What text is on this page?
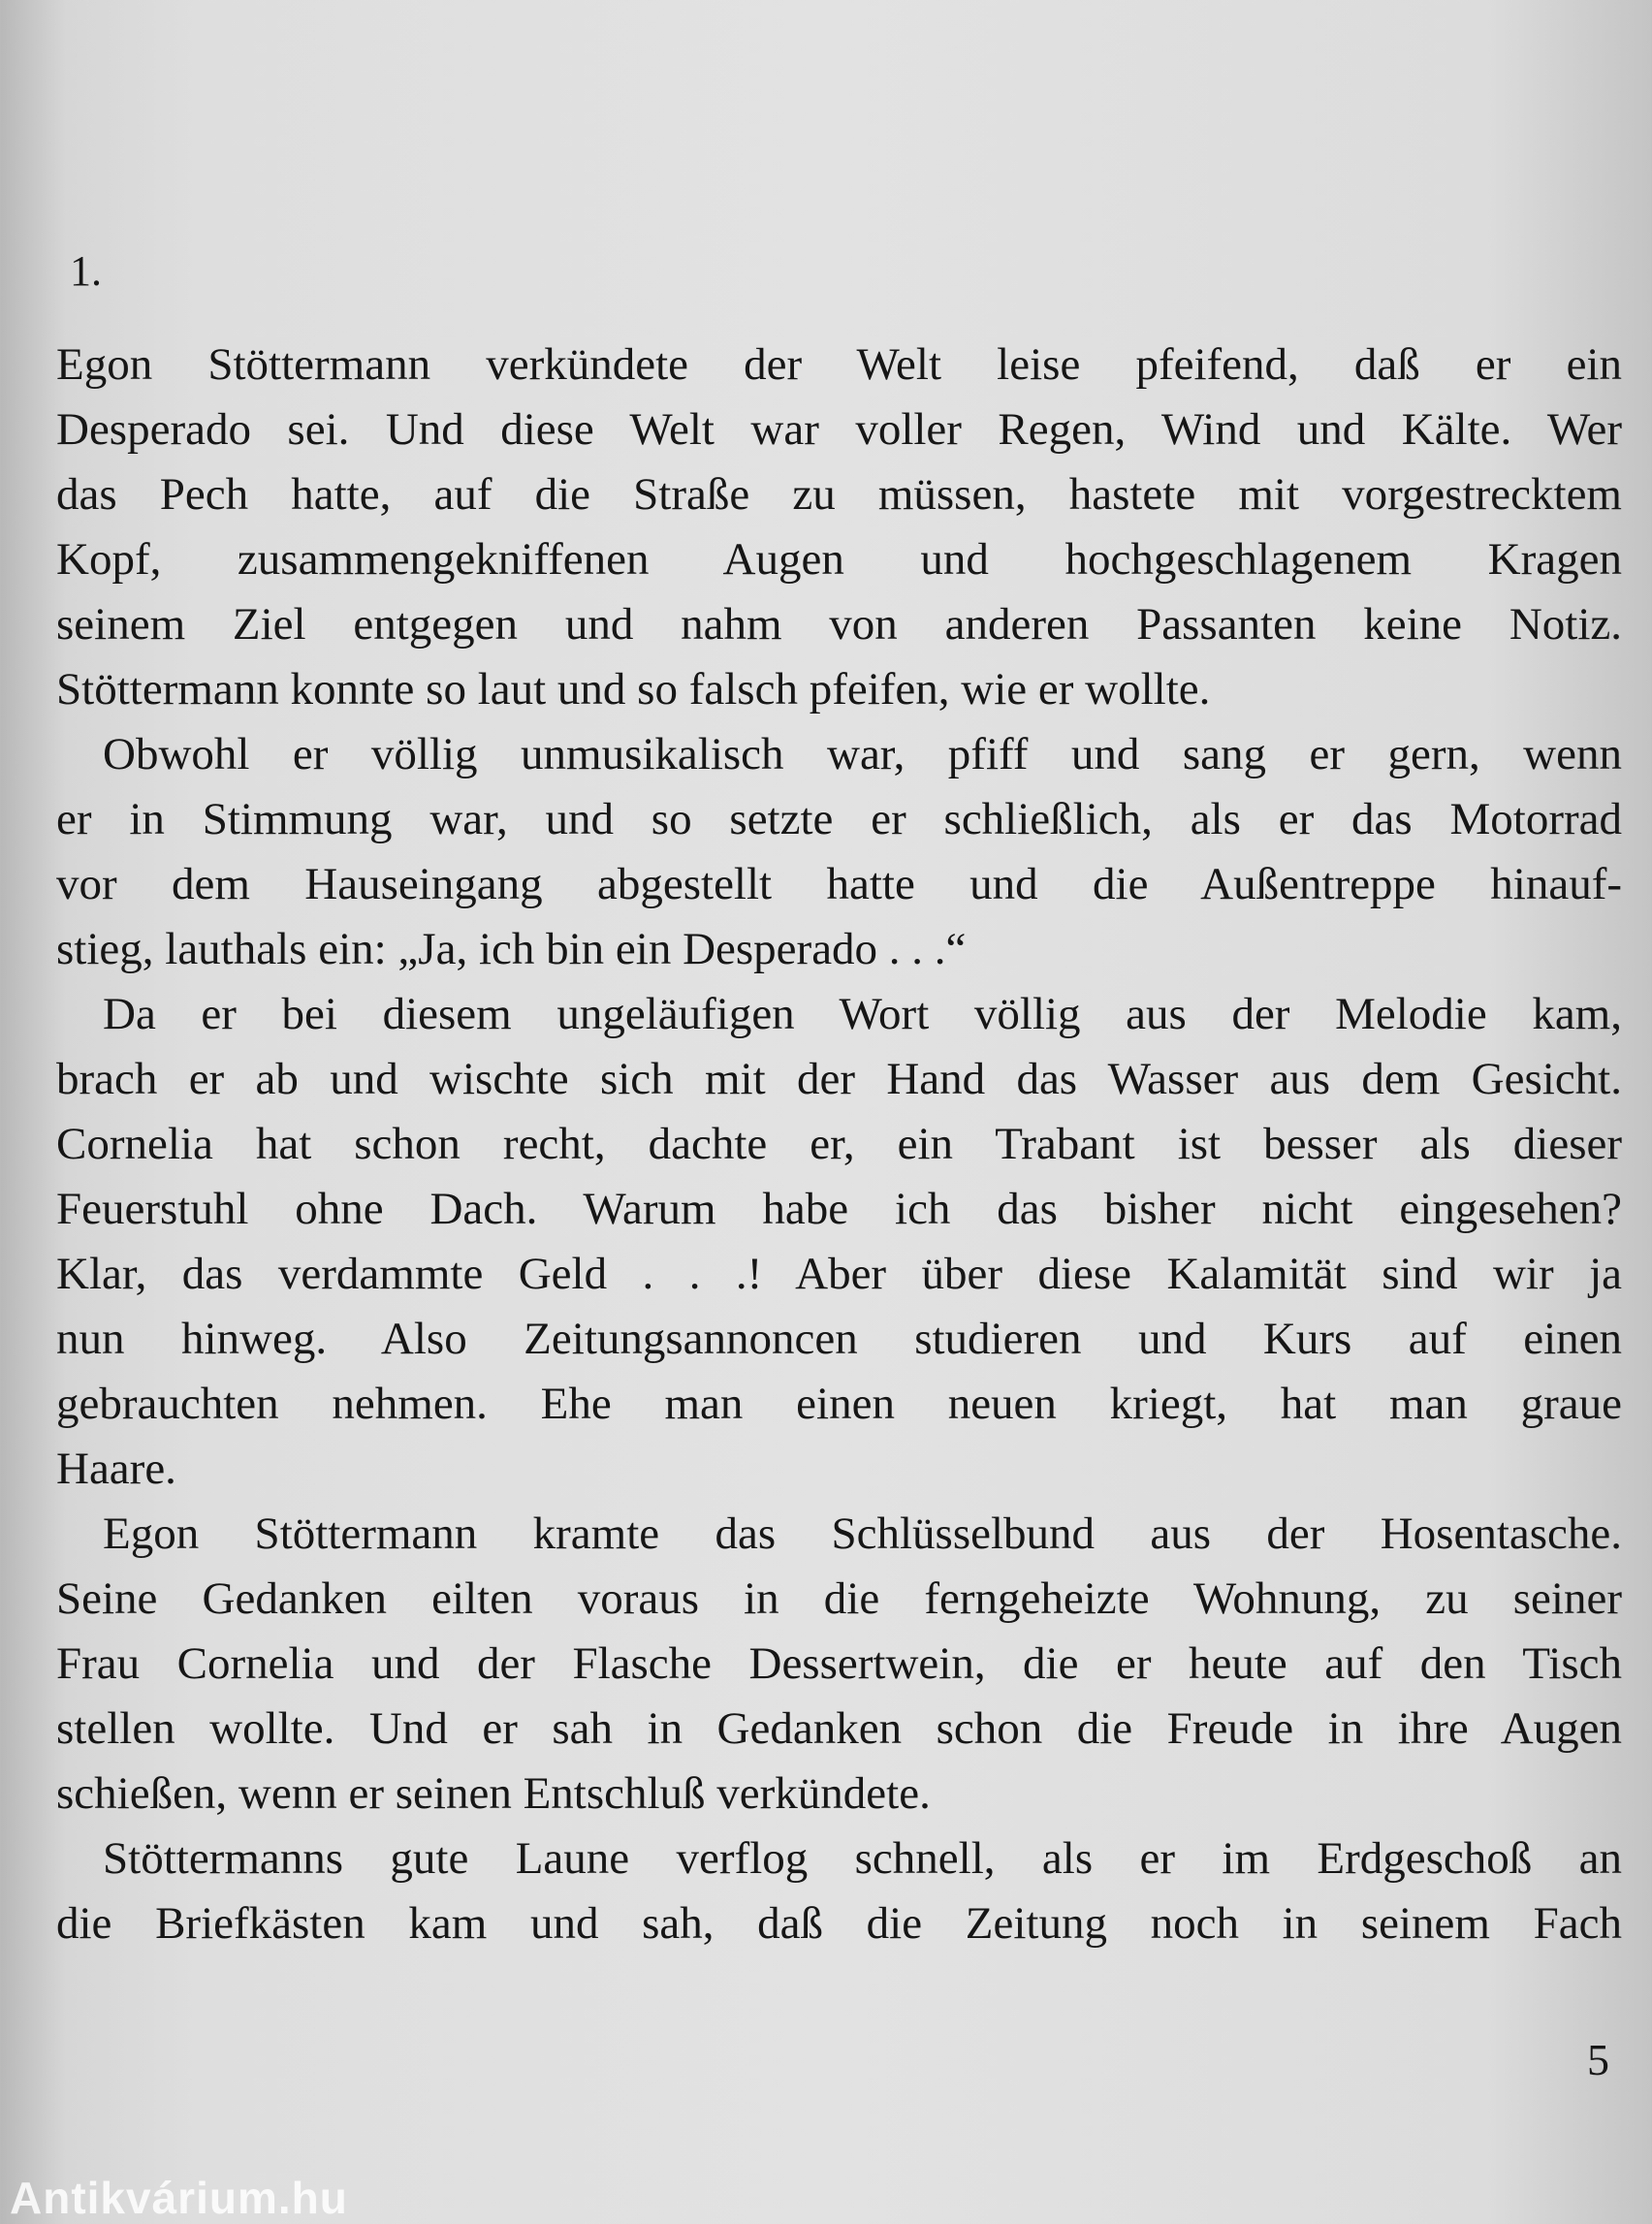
1.

Egon Stöttermann verkündete der Welt leise pfeifend, daß er ein
Desperado sei. Und diese Welt war voller Regen, Wind und Kälte. Wer
das Pech hatte, auf die Straße zu müssen, hastete mit vorgestrecktem
Kopf, zusammengekniffenen Augen und hochgeschlagenem Kragen
seinem Ziel entgegen und nahm von anderen Passanten keine Notiz.
Stöttermann konnte so laut und so falsch pfeifen, wie er wollte.

Obwohl er völlig unmusikalisch war, pfiff und sang er gern, wenn
er in Stimmung war, und so setzte er schließlich, als er das Motorrad
vor dem Hauseingang abgestellt hatte und die Außentreppe hinauf-
stieg, lauthals ein: „Ja, ich bin ein Desperado . . .“

Da er bei diesem ungeläufigen Wort völlig aus der Melodie kam,
brach er ab und wischte sich mit der Hand das Wasser aus dem Gesicht.
Cornelia hat schon recht, dachte er, ein Trabant ist besser als dieser
Feuerstuhl ohne Dach. Warum habe ich das bisher nicht eingesehen?
Klar, das verdammte Geld . . .! Aber über diese Kalamität sind wir ja
nun hinweg. Also Zeitungsannoncen studieren und Kurs auf einen
gebrauchten nehmen. Ehe man einen neuen kriegt, hat man graue
Haare.

Egon Stöttermann kramte das Schlüsselbund aus der Hosentasche.
Seine Gedanken eilten voraus in die ferngeheizte Wohnung, zu seiner
Frau Cornelia und der Flasche Dessertwein, die er heute auf den Tisch
stellen wollte. Und er sah in Gedanken schon die Freude in ihre Augen
schießen, wenn er seinen Entschluß verkündete.

Stöttermanns gute Laune verflog schnell, als er im Erdgeschoß an
die Briefkästen kam und sah, daß die Zeitung noch in seinem Fach

5

Antikvárium.hu
